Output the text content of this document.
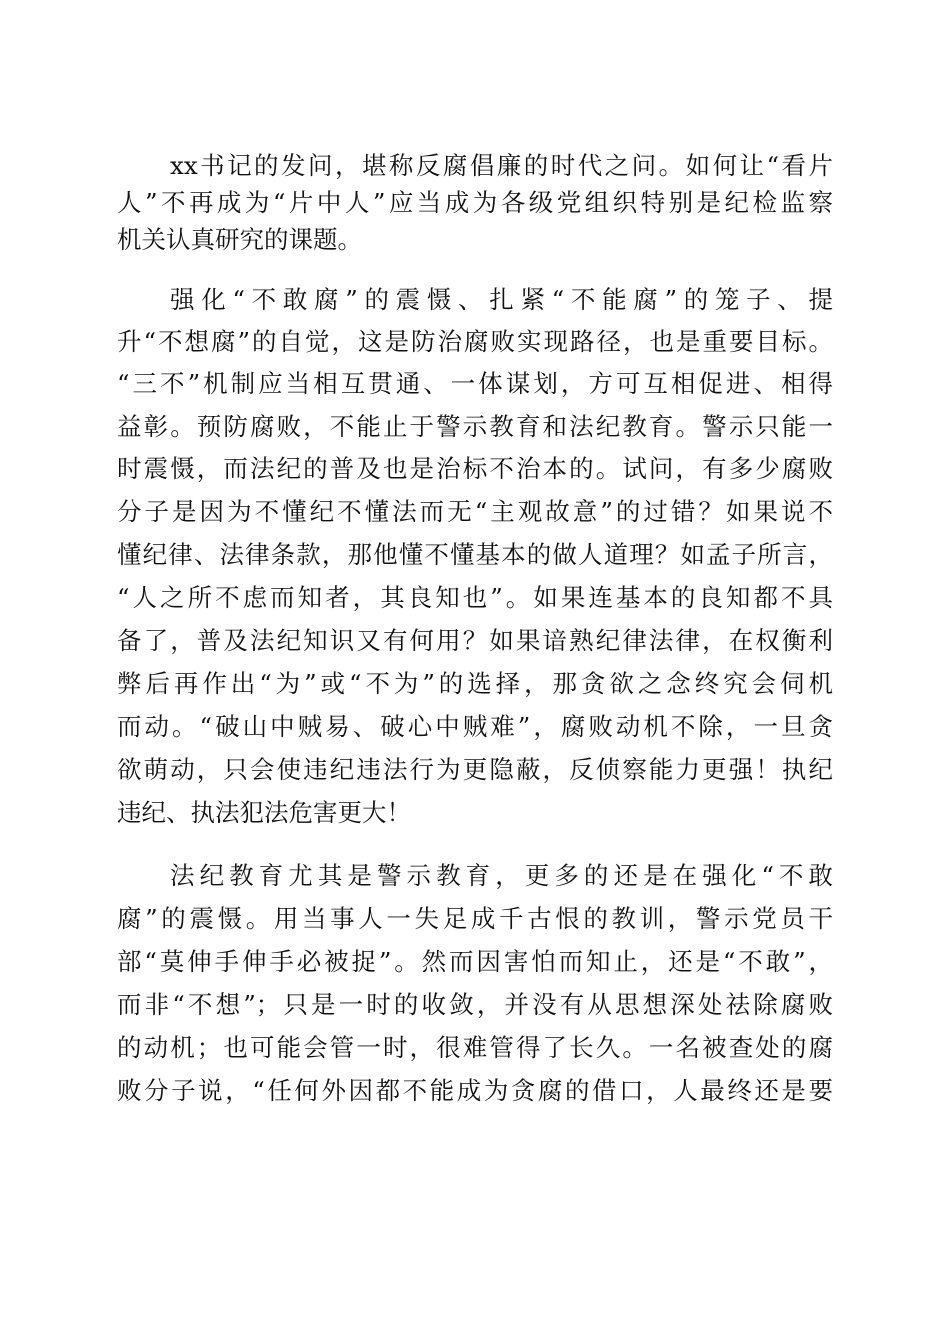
xx书记的发问，堪称反腐倡廉的时代之问。如何让“看片
人”不再成为“片中人”应当成为各级党组织特别是纪检监察
机关认真研究的课题。
强化“不敢腐”的震慑、扎紧“不能腐”的笼子、提
升“不想腐”的自觉，这是防治腐败实现路径，也是重要目标。
“三不”机制应当相互贯通、一体谋划，方可互相促进、相得
益彰。预防腐败，不能止于警示教育和法纪教育。警示只能一
时震慑，而法纪的普及也是治标不治本的。试问，有多少腐败
分子是因为不懂纪不懂法而无“主观故意”的过错？如果说不
懂纪律、法律条款，那他懂不懂基本的做人道理？如孟子所言，
“人之所不虑而知者，其良知也”。如果连基本的良知都不具
备了，普及法纪知识又有何用？如果谙熟纪律法律，在权衡利
弊后再作出“为”或“不为”的选择，那贪欲之念终究会伺机
而动。“破山中贼易、破心中贼难”，腐败动机不除，一旦贪
欲萌动，只会使违纪违法行为更隐蔽，反侦察能力更强！执纪
违纪、执法犯法危害更大！
法纪教育尤其是警示教育，更多的还是在强化“不敢
腐”的震慑。用当事人一失足成千古恨的教训，警示党员干
部“莫伸手伸手必被捉”。然而因害怕而知止，还是“不敢”，
而非“不想”；只是一时的收敛，并没有从思想深处祛除腐败
的动机；也可能会管一时，很难管得了长久。一名被查处的腐
败分子说，“任何外因都不能成为贪腐的借口，人最终还是要
